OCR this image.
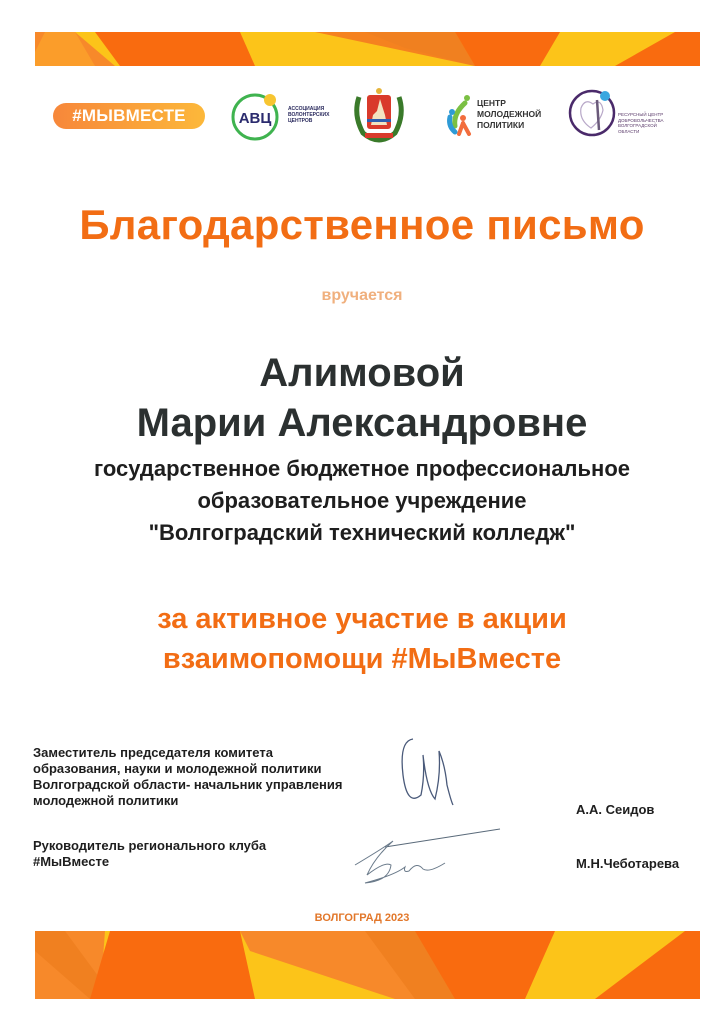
#МЫВМЕСТЕ	АВЦ
АССОЦИАЦИЯ ВОЛОНТЕРСКИХ ЦЕНТРОВ
ЦЕНТР
МОЛОДЕЖНОЙ
ПОЛИТИКИ
РЕСУРСНЫЙ ЦЕНТР ДОБРОВОЛЬЧЕСТВА ВОЛГОГРАДСКОЙ ОБЛАСТИ
Благодарственное письмо
вручается
Алимовой
Марии Александровне
государственное бюджетное профессиональное
образовательное учреждение
"Волгоградский технический колледж"
за активное участие в акции
взаимопомощи #МыВместе
Заместитель председателя комитета
образования, науки и молодежной политики
Волгоградской области- начальник управления
молодежной политики
А.А. Сеидов
Руководитель регионального клуба
#МыВместе	М.Н.Чеботарева
ВОЛГОГРАД 2023
